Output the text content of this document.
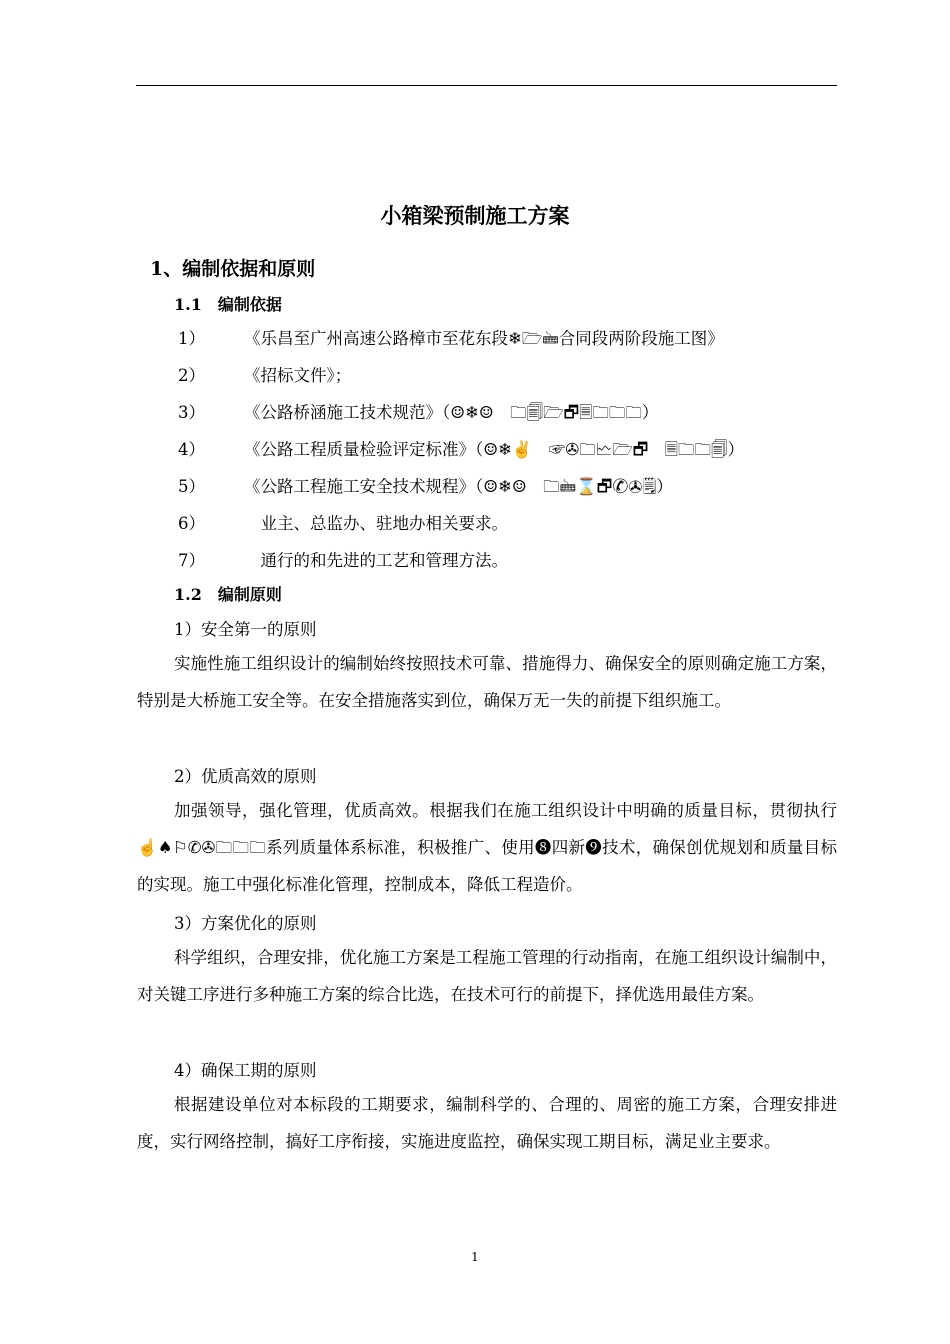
小箱梁预制施工方案
1、编制依据和原则
1.1　编制依据
1） 《乐昌至广州高速公路樟市至花东段❄🗁🖮合同段两阶段施工图》
2） 《招标文件》；
3） 《公路桥涵施工技术规范》（☺❄☺　🗀🗐🗁🗗🗏🗀🗀🗀）
4） 《公路工程质量检验评定标准》（☺❄✌　☞✇🗀🗠🗁🗗　🗏🗀🗀🗐）
5） 《公路工程施工安全技术规程》（☺❄☺　🗀🖮⌛🗗✆✇🗒）
6）　业主、总监办、驻地办相关要求。
7）　通行的和先进的工艺和管理方法。
1.2　编制原则
1）安全第一的原则

实施性施工组织设计的编制始终按照技术可靠、措施得力、确保安全的原则确定施工方案，特别是大桥施工安全等。在安全措施落实到位，确保万无一失的前提下组织施工。

2）优质高效的原则

加强领导，强化管理，优质高效。根据我们在施工组织设计中明确的质量目标，贯彻执行☝♠⚐✆✇🗀🗀🗀系列质量体系标准，积极推广、使用❽四新❾技术，确保创优规划和质量目标的实现。施工中强化标准化管理，控制成本，降低工程造价。

3）方案优化的原则

科学组织，合理安排，优化施工方案是工程施工管理的行动指南，在施工组织设计编制中，对关键工序进行多种施工方案的综合比选，在技术可行的前提下，择优选用最佳方案。

4）确保工期的原则

根据建设单位对本标段的工期要求，编制科学的、合理的、周密的施工方案，合理安排进度，实行网络控制，搞好工序衔接，实施进度监控，确保实现工期目标，满足业主要求。

1
